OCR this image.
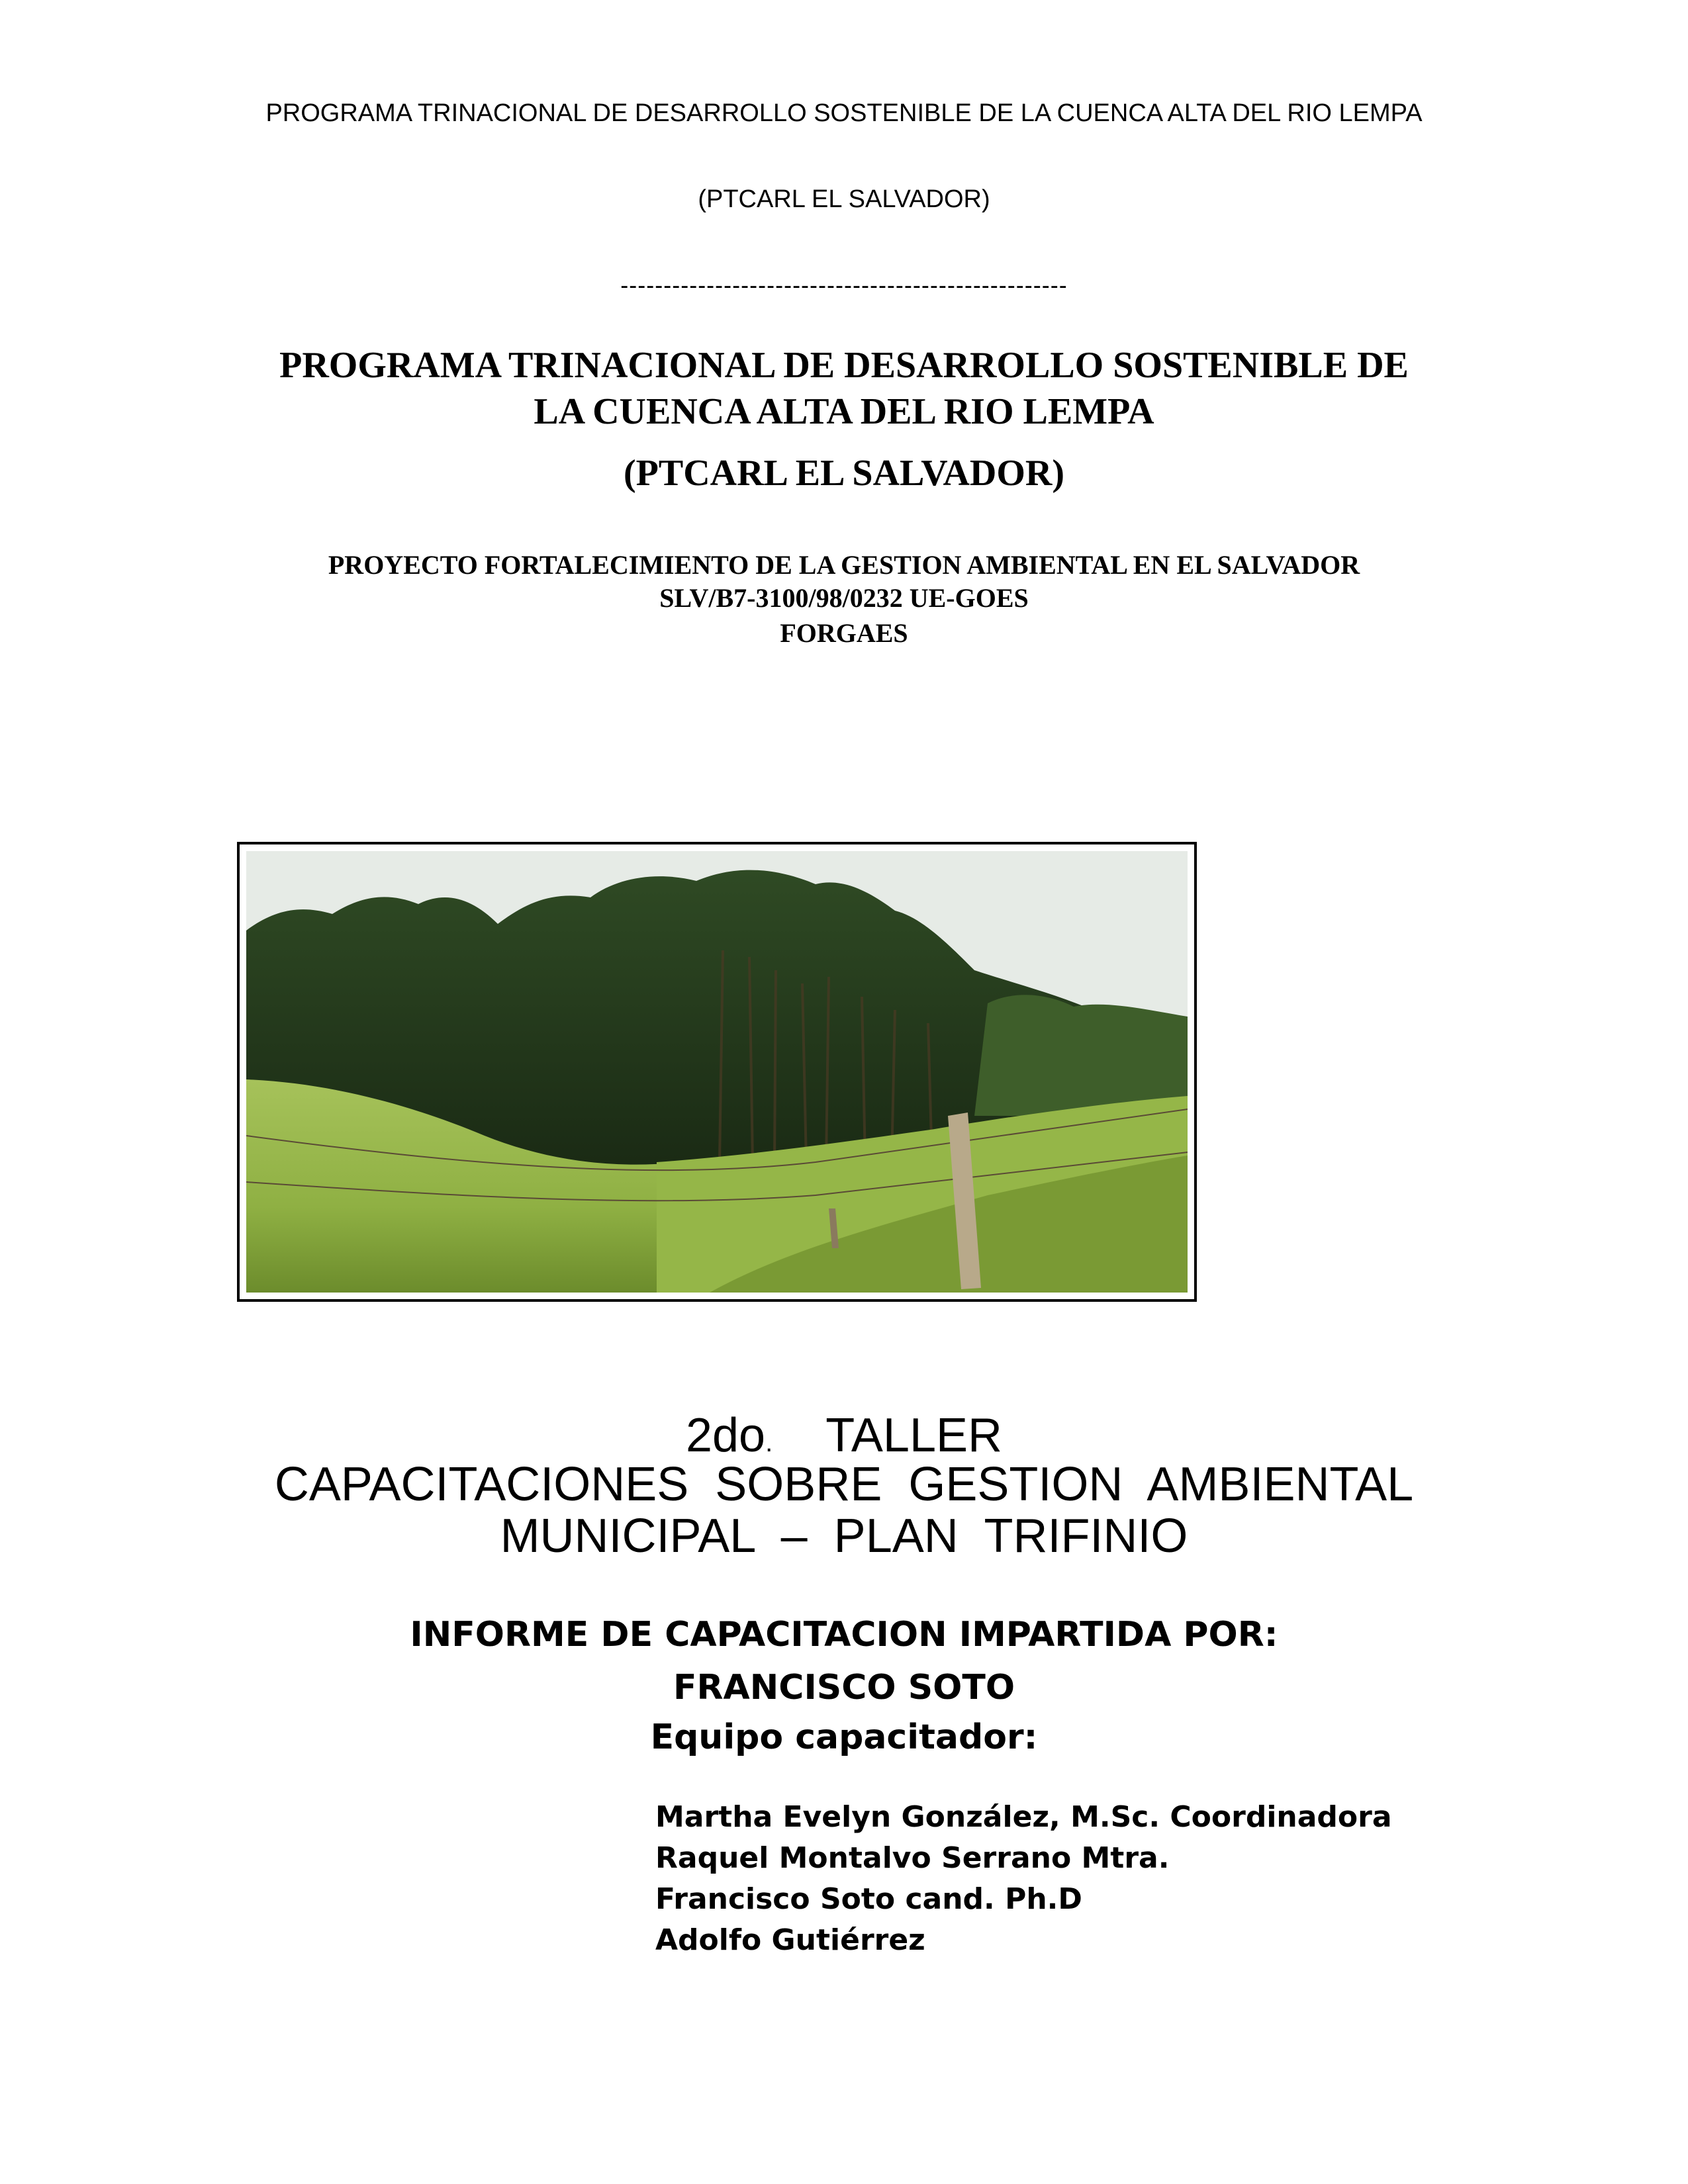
PROGRAMA TRINACIONAL DE DESARROLLO SOSTENIBLE DE LA CUENCA ALTA DEL RIO LEMPA
(PTCARL EL SALVADOR)
----------------------------------------------------
PROGRAMA TRINACIONAL DE DESARROLLO SOSTENIBLE DE
LA CUENCA ALTA DEL RIO LEMPA
(PTCARL EL SALVADOR)
PROYECTO FORTALECIMIENTO DE LA GESTION AMBIENTAL EN EL SALVADOR
SLV/B7-3100/98/0232 UE-GOES
FORGAES
2do. TALLER
CAPACITACIONES  SOBRE  GESTION  AMBIENTAL
MUNICIPAL  –  PLAN  TRIFINIO
INFORME DE CAPACITACION IMPARTIDA POR:
FRANCISCO SOTO
Equipo capacitador:
Martha Evelyn González, M.Sc. Coordinadora
Raquel Montalvo Serrano Mtra.
Francisco Soto cand. Ph.D
Adolfo Gutiérrez
